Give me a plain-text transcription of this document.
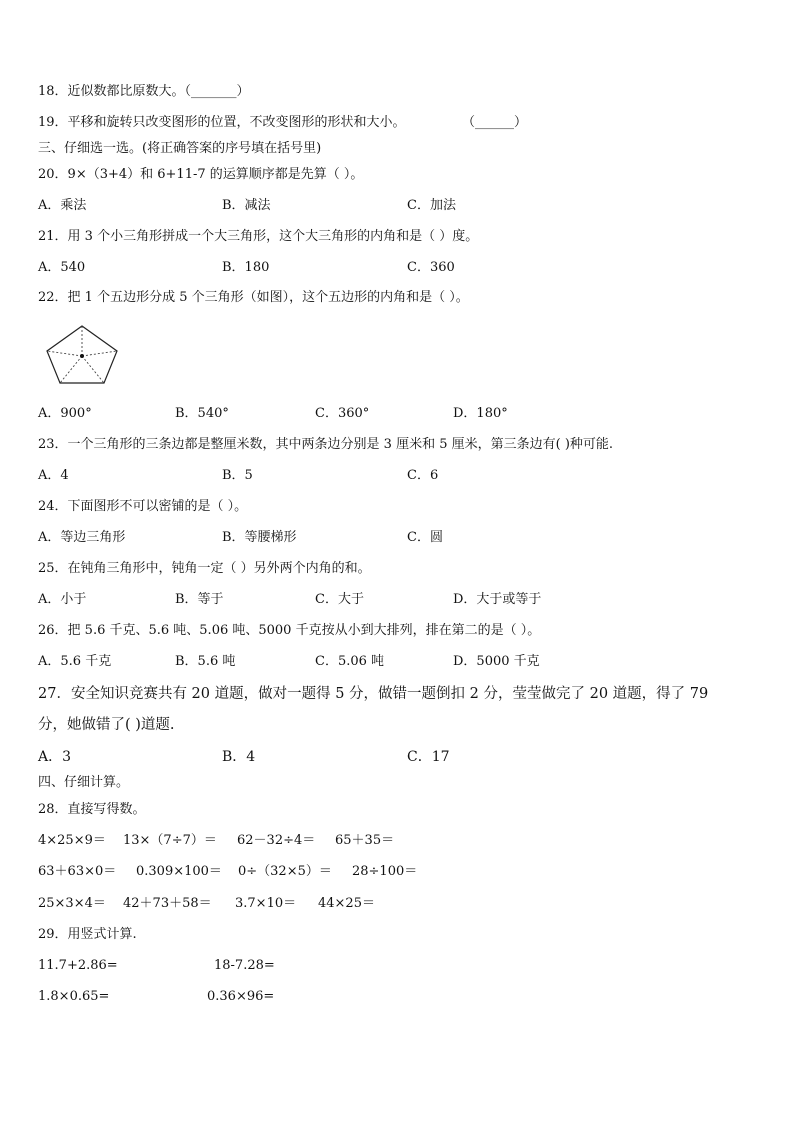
18．近似数都比原数大。（_______）
19．平移和旋转只改变图形的位置，不改变图形的形状和大小。	（______）
三、仔细选一选。(将正确答案的序号填在括号里)
20．9×（3+4）和 6+11-7 的运算顺序都是先算（ ）。
A．乘法	B．减法	C．加法
21．用 3 个小三角形拼成一个大三角形，这个大三角形的内角和是（ ）度。
A．540	B．180	C．360
22．把 1 个五边形分成 5 个三角形（如图），这个五边形的内角和是（ ）。
A．900°	B．540°	C．360°	D．180°
23．一个三角形的三条边都是整厘米数，其中两条边分别是 3 厘米和 5 厘米，第三条边有( )种可能.
A．4	B．5	C．6
24．下面图形不可以密铺的是（ ）。
A．等边三角形	B．等腰梯形	C．圆
25．在钝角三角形中，钝角一定（ ）另外两个内角的和。
A．小于	B．等于	C．大于	D．大于或等于
26．把 5.6 千克、5.6 吨、5.06 吨、5000 千克按从小到大排列，排在第二的是（ ）。
A．5.6 千克	B．5.6 吨	C．5.06 吨	D．5000 千克
27．安全知识竞赛共有 20 道题，做对一题得 5 分，做错一题倒扣 2 分，莹莹做完了 20 道题，得了 79
分，她做错了( )道题.
A．3	B．4	C．17
四、仔细计算。
28．直接写得数。
4×25×9＝ 13×（7÷7）＝ 62－32÷4＝ 65＋35＝
63＋63×0＝ 0.309×100＝ 0÷（32×5）＝ 28÷100＝
25×3×4＝ 42＋73＋58＝ 3.7×10＝ 44×25＝
29．用竖式计算.
11.7+2.86=	18-7.28=
1.8×0.65=	0.36×96=
